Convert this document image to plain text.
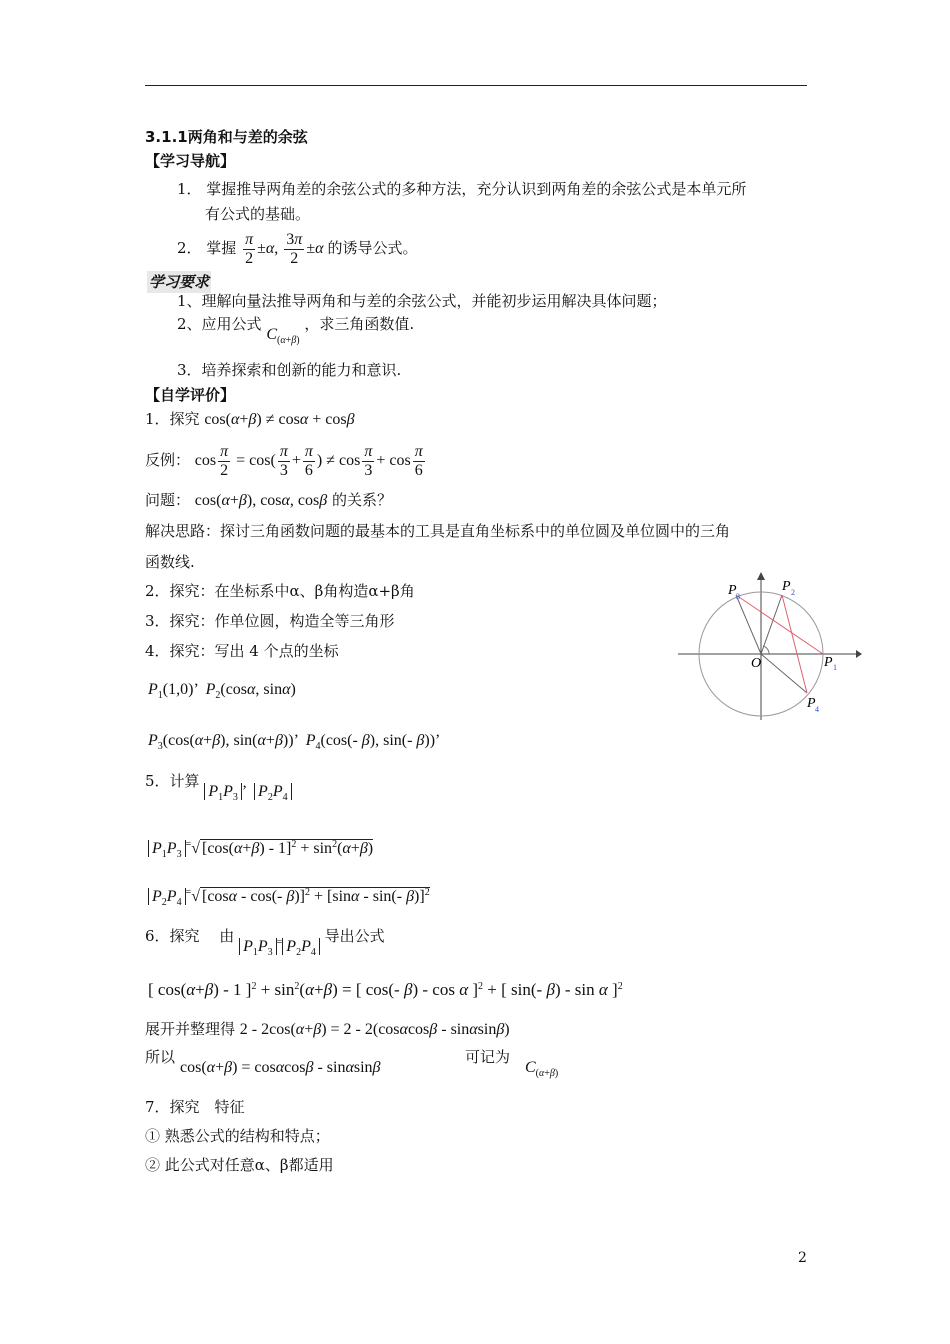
3.1.1两角和与差的余弦
【学习导航】
1． 掌握推导两角差的余弦公式的多种方法，充分认识到两角差的余弦公式是本单元所
有公式的基础。
2． 掌握 $\frac{\pi}{2} \pm\alpha$, $\frac{3\pi}{2} \pm\alpha$ 的诱导公式。
学习要求
1、理解向量法推导两角和与差的余弦公式，并能初步运用解决具体问题；
2、应用公式 $C_{(\alpha+\beta)}$ ，求三角函数值.
3．培养探索和创新的能力和意识.
【自学评价】
1．探究 cos(α+β) ≠ cosα + cosβ
反例： $\cos \frac{\pi}{2} = \cos( \frac{\pi}{3} + \frac{\pi}{6}$ ) ≠ $\cos \frac{\pi}{3} + \cos \frac{\pi}{6}$
问题： cos(α+β), cosα, cosβ 的关系？
解决思路：探讨三角函数问题的最基本的工具是直角坐标系中的单位圆及单位圆中的三角
函数线.
2．探究：在坐标系中α、β角构造α+β角
3．探究：作单位圆，构造全等三角形
4．探究：写出 4 个点的坐标
P 3
P 2
O	P 1
P 4
$P_1(1,0)$’  $P_2(\cos\alpha$, sinα)
$P_3(\cos(\alpha+\beta)$, sin(α+β))’  $P_4(\cos(-$ β), sin(- β))’
5．计算 $P_1P_3$ ’  $P_2P_4$
$P_1P_3^=√$ $[\cos(\alpha+\beta) - 1]^2 + \sin^2(\alpha+\beta)$
$P_2P_4^=√$ [cosα - cos(- β)]$^2$ + [sinα - sin(- β)]$^2$
6．探究　 由 $P_1P_3^=$ $P_2P_4$ 导出公式
[ cos(α+β) - 1 ]$^2 + \sin^2(\alpha+\beta)$ = [ cos(- β) - cos α ]$^2$ + [ sin(- β) - sin α ]$^2$
展开并整理得 2 - 2cos(α+β) = 2 - 2(cosαcosβ - sinαsinβ)
所以
cos(α+β) = cosαcosβ - sinαsinβ
可记为
$C_{(\alpha+\beta)}$
7．探究　特征
① 熟悉公式的结构和特点；
② 此公式对任意α、β都适用
2
